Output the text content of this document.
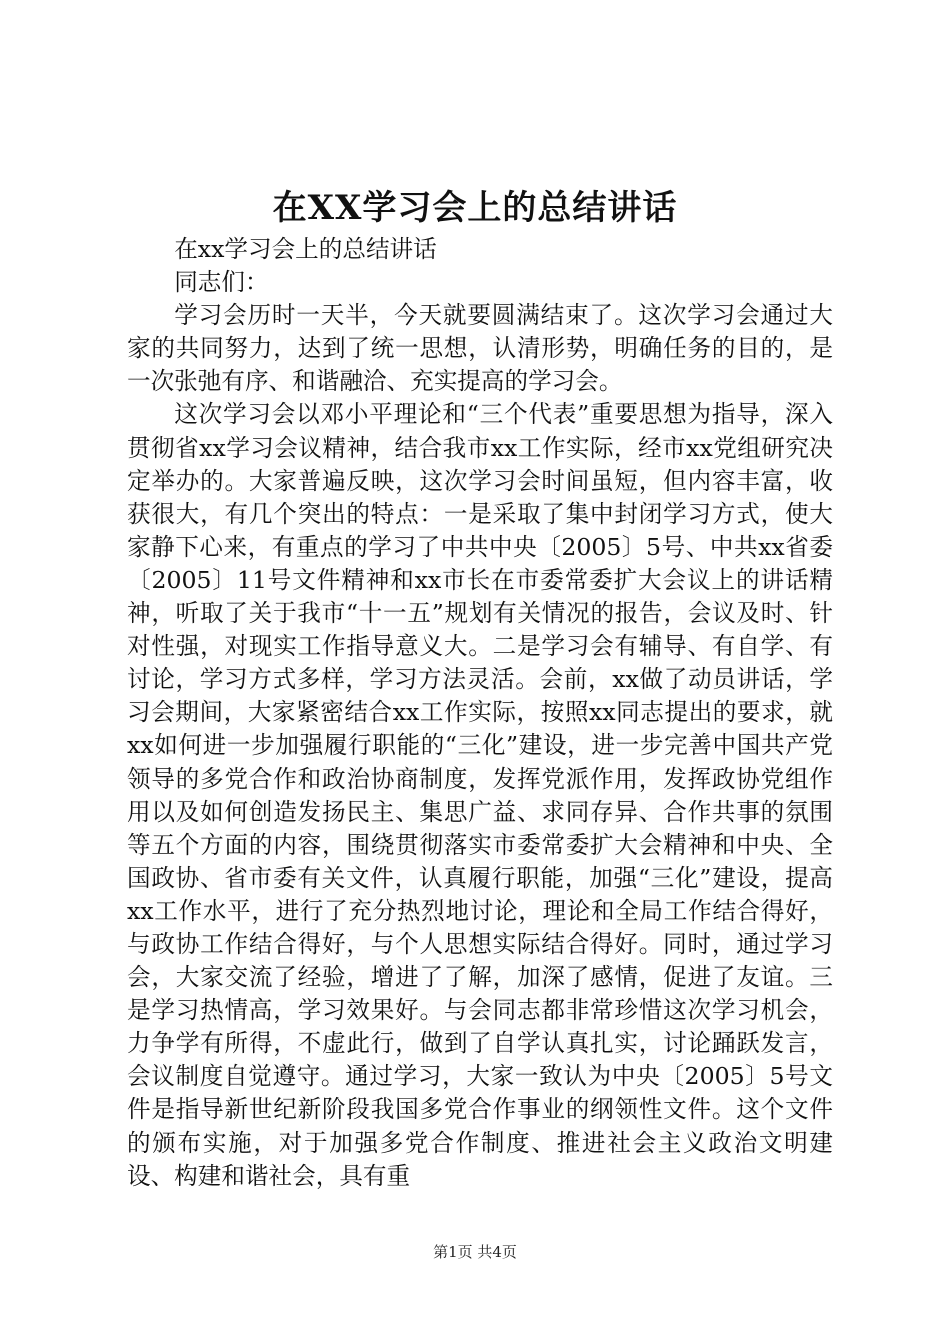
在XX学习会上的总结讲话

在xx学习会上的总结讲话

同志们：

学习会历时一天半，今天就要圆满结束了。这次学习会通过大家的共同努力，达到了统一思想，认清形势，明确任务的目的，是一次张弛有序、和谐融洽、充实提高的学习会。

这次学习会以邓小平理论和“三个代表”重要思想为指导，深入贯彻省xx学习会议精神，结合我市xx工作实际，经市xx党组研究决定举办的。大家普遍反映，这次学习会时间虽短，但内容丰富，收获很大，有几个突出的特点：一是采取了集中封闭学习方式，使大家静下心来，有重点的学习了中共中央〔2005〕5号、中共xx省委〔2005〕11号文件精神和xx市长在市委常委扩大会议上的讲话精神，听取了关于我市“十一五”规划有关情况的报告，会议及时、针对性强，对现实工作指导意义大。二是学习会有辅导、有自学、有讨论，学习方式多样，学习方法灵活。会前，xx做了动员讲话，学习会期间，大家紧密结合xx工作实际，按照xx同志提出的要求，就xx如何进一步加强履行职能的“三化”建设，进一步完善中国共产党领导的多党合作和政治协商制度，发挥党派作用，发挥政协党组作用以及如何创造发扬民主、集思广益、求同存异、合作共事的氛围等五个方面的内容，围绕贯彻落实市委常委扩大会精神和中央、全国政协、省市委有关文件，认真履行职能，加强“三化”建设，提高xx工作水平，进行了充分热烈地讨论，理论和全局工作结合得好，与政协工作结合得好，与个人思想实际结合得好。同时，通过学习会，大家交流了经验，增进了了解，加深了感情，促进了友谊。三是学习热情高，学习效果好。与会同志都非常珍惜这次学习机会，力争学有所得，不虚此行，做到了自学认真扎实，讨论踊跃发言，会议制度自觉遵守。通过学习，大家一致认为中央〔2005〕5号文件是指导新世纪新阶段我国多党合作事业的纲领性文件。这个文件的颁布实施，对于加强多党合作制度、推进社会主义政治文明建设、构建和谐社会，具有重

第1页 共4页
